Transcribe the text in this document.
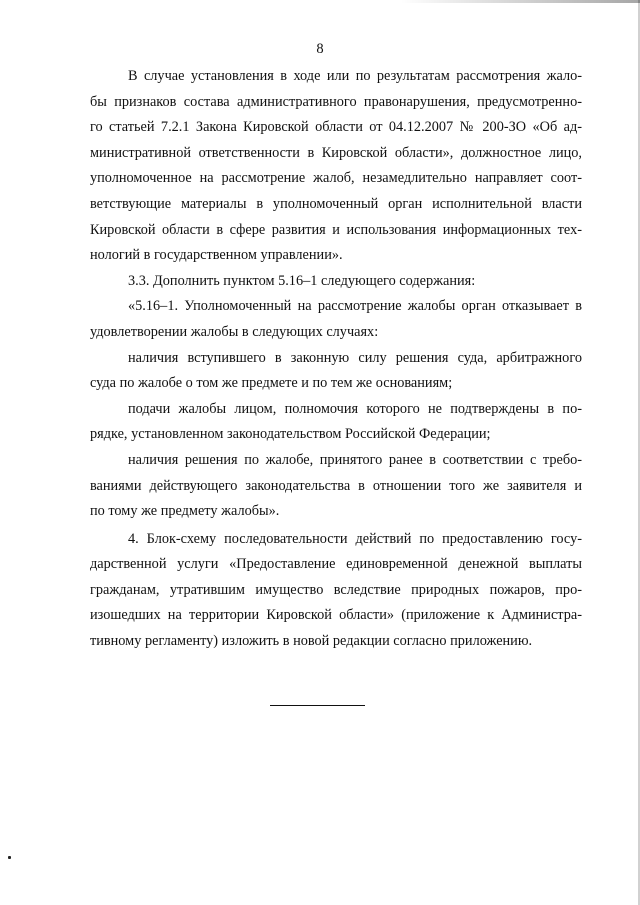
8
В случае установления в ходе или по результатам рассмотрения жало-
бы признаков состава административного правонарушения, предусмотренно-
го статьей 7.2.1 Закона Кировской области от 04.12.2007 № 200-ЗО «Об ад-
министративной ответственности в Кировской области», должностное лицо,
уполномоченное на рассмотрение жалоб, незамедлительно направляет соот-
ветствующие материалы в уполномоченный орган исполнительной власти
Кировской области в сфере развития и использования информационных тех-
нологий в государственном управлении».
3.3. Дополнить пунктом 5.16–1 следующего содержания:
«5.16–1. Уполномоченный на рассмотрение жалобы орган отказывает в
удовлетворении жалобы в следующих случаях:
наличия вступившего в законную силу решения суда, арбитражного
суда по жалобе о том же предмете и по тем же основаниям;
подачи жалобы лицом, полномочия которого не подтверждены в по-
рядке, установленном законодательством Российской Федерации;
наличия решения по жалобе, принятого ранее в соответствии с требо-
ваниями действующего законодательства в отношении того же заявителя и
по тому же предмету жалобы».
4. Блок-схему последовательности действий по предоставлению госу-
дарственной услуги «Предоставление единовременной денежной выплаты
гражданам, утратившим имущество вследствие природных пожаров, про-
изошедших на территории Кировской области» (приложение к Администра-
тивному регламенту) изложить в новой редакции согласно приложению.
